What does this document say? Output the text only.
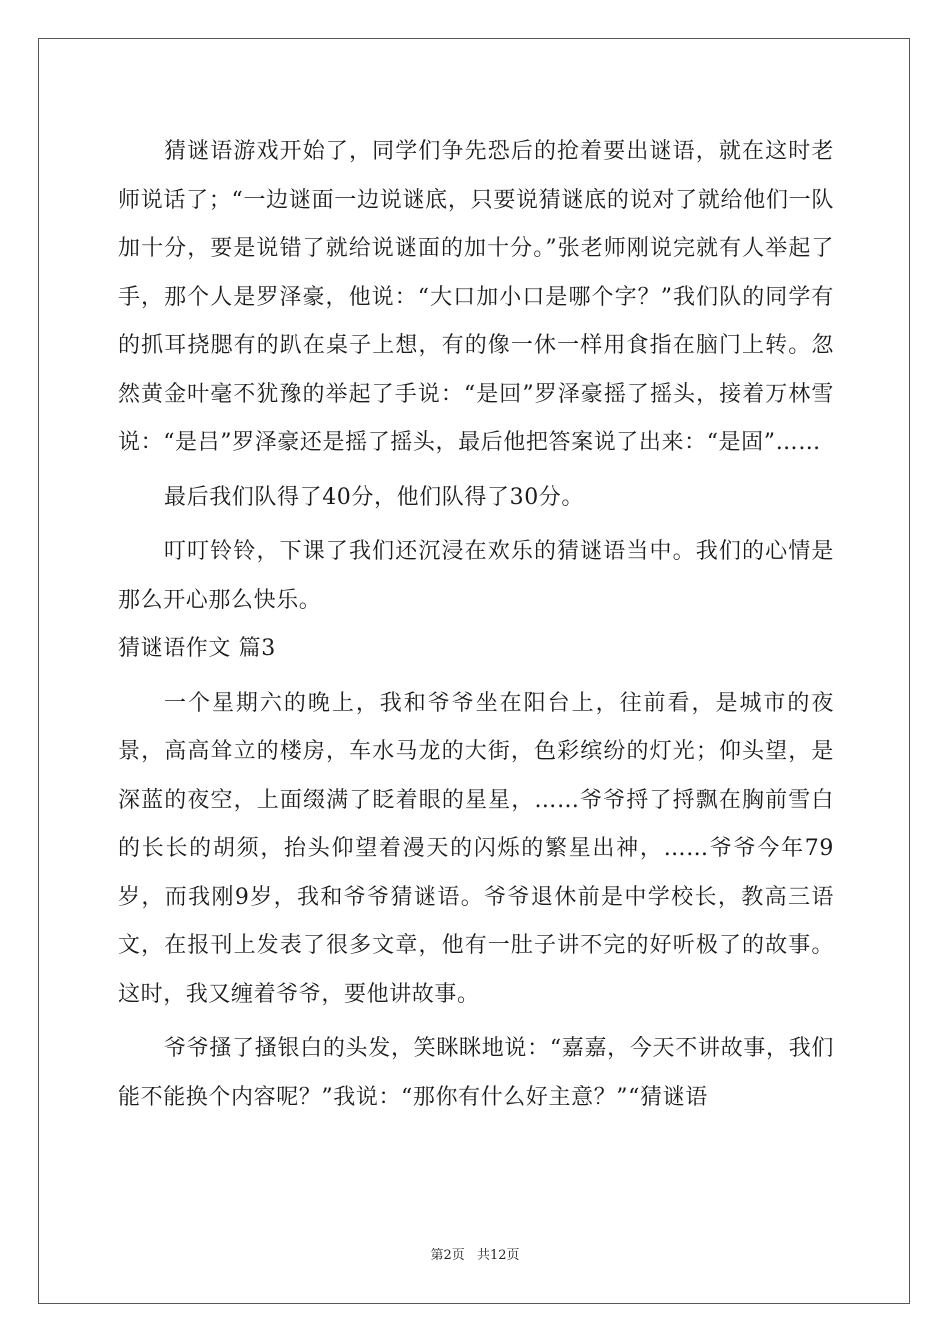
猜谜语游戏开始了，同学们争先恐后的抢着要出谜语，就在这时老师说话了；“一边谜面一边说谜底，只要说猜谜底的说对了就给他们一队加十分，要是说错了就给说谜面的加十分。”张老师刚说完就有人举起了手，那个人是罗泽豪，他说：“大口加小口是哪个字？”我们队的同学有的抓耳挠腮有的趴在桌子上想，有的像一休一样用食指在脑门上转。忽然黄金叶毫不犹豫的举起了手说：“是回”罗泽豪摇了摇头，接着万林雪说：“是吕”罗泽豪还是摇了摇头，最后他把答案说了出来：“是固”……

最后我们队得了40分，他们队得了30分。

叮叮铃铃，下课了我们还沉浸在欢乐的猜谜语当中。我们的心情是那么开心那么快乐。

猜谜语作文 篇3

一个星期六的晚上，我和爷爷坐在阳台上，往前看，是城市的夜景，高高耸立的楼房，车水马龙的大街，色彩缤纷的灯光；仰头望，是深蓝的夜空，上面缀满了眨着眼的星星，……爷爷捋了捋飘在胸前雪白的长长的胡须，抬头仰望着漫天的闪烁的繁星出神，……爷爷今年79岁，而我刚9岁，我和爷爷猜谜语。爷爷退休前是中学校长，教高三语文，在报刊上发表了很多文章，他有一肚子讲不完的好听极了的故事。这时，我又缠着爷爷，要他讲故事。

爷爷搔了搔银白的头发，笑眯眯地说：“嘉嘉，今天不讲故事，我们能不能换个内容呢？”我说：“那你有什么好主意？”“猜谜语

第2页 共12页
